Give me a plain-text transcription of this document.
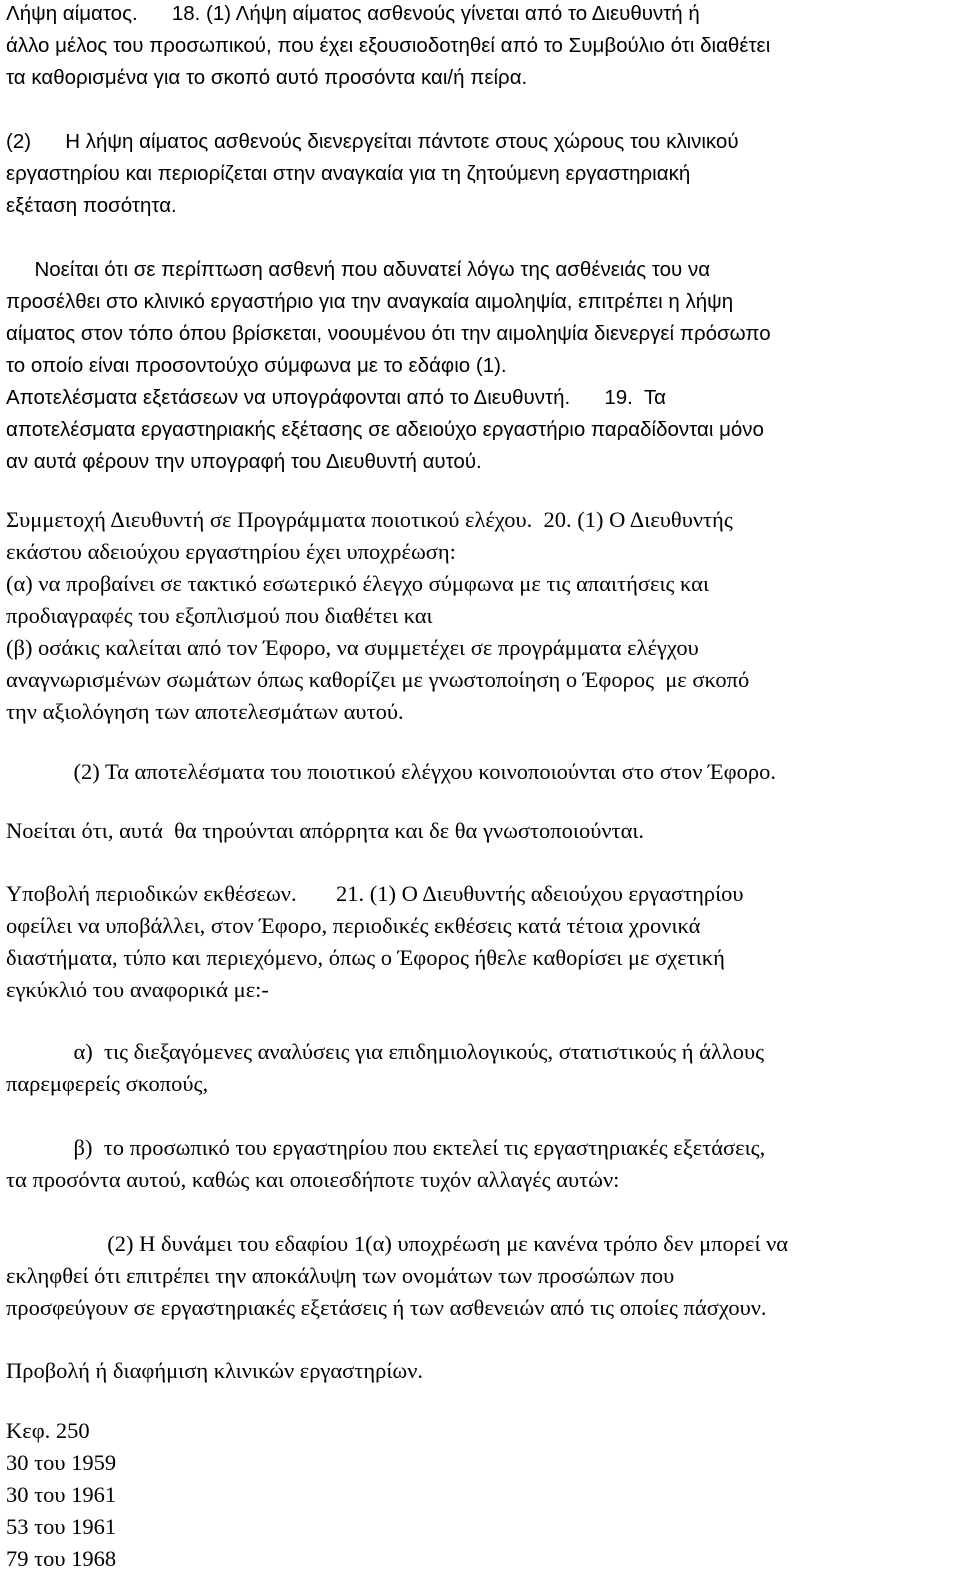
Λήψη αίματος.      18. (1) Λήψη αίματος ασθενούς γίνεται από το Διευθυντή ή
άλλο μέλος του προσωπικού, που έχει εξουσιοδοτηθεί από το Συμβούλιο ότι διαθέτει
τα καθορισμένα για το σκοπό αυτό προσόντα και/ή πείρα.
(2)      Η λήψη αίματος ασθενούς διενεργείται πάντοτε στους χώρους του κλινικού
εργαστηρίου και περιορίζεται στην αναγκαία για τη ζητούμενη εργαστηριακή
εξέταση ποσότητα.
Νοείται ότι σε περίπτωση ασθενή που αδυνατεί λόγω της ασθένειάς του να
προσέλθει στο κλινικό εργαστήριο για την αναγκαία αιμοληψία, επιτρέπει η λήψη
αίματος στον τόπο όπου βρίσκεται, νοουμένου ότι την αιμοληψία διενεργεί πρόσωπο
το οποίο είναι προσοντούχο σύμφωνα με το εδάφιο (1).
Αποτελέσματα εξετάσεων να υπογράφονται από το Διευθυντή.      19.  Τα
αποτελέσματα εργαστηριακής εξέτασης σε αδειούχο εργαστήριο παραδίδονται μόνο
αν αυτά φέρουν την υπογραφή του Διευθυντή αυτού.
Συμμετοχή Διευθυντή σε Προγράμματα ποιοτικού ελέχου.  20. (1) Ο Διευθυντής
εκάστου αδειούχου εργαστηρίου έχει υποχρέωση:
(α) να προβαίνει σε τακτικό εσωτερικό έλεγχο σύμφωνα με τις απαιτήσεις και
προδιαγραφές του εξοπλισμού που διαθέτει και
(β) οσάκις καλείται από τον Έφορο, να συμμετέχει σε προγράμματα ελέγχου
αναγνωρισμένων σωμάτων όπως καθορίζει με γνωστοποίηση ο Έφορος  με σκοπό
την αξιολόγηση των αποτελεσμάτων αυτού.
(2) Τα αποτελέσματα του ποιοτικού ελέγχου κοινοποιούνται στο στον Έφορο.
Νοείται ότι, αυτά  θα τηρούνται απόρρητα και δε θα γνωστοποιούνται.
Υποβολή περιοδικών εκθέσεων.       21. (1) Ο Διευθυντής αδειούχου εργαστηρίου
οφείλει να υποβάλλει, στον Έφορο, περιοδικές εκθέσεις κατά τέτοια χρονικά
διαστήματα, τύπο και περιεχόμενο, όπως ο Έφορος ήθελε καθορίσει με σχετική
εγκύκλιό του αναφορικά με:-
α)  τις διεξαγόμενες αναλύσεις για επιδημιολογικούς, στατιστικούς ή άλλους
παρεμφερείς σκοπούς,
β)  το προσωπικό του εργαστηρίου που εκτελεί τις εργαστηριακές εξετάσεις,
τα προσόντα αυτού, καθώς και οποιεσδήποτε τυχόν αλλαγές αυτών:
(2) Η δυνάμει του εδαφίου 1(α) υποχρέωση με κανένα τρόπο δεν μπορεί να
εκληφθεί ότι επιτρέπει την αποκάλυψη των ονομάτων των προσώπων που
προσφεύγουν σε εργαστηριακές εξετάσεις ή των ασθενειών από τις οποίες πάσχουν.
Προβολή ή διαφήμιση κλινικών εργαστηρίων.
Κεφ. 250
30 του 1959
30 του 1961
53 του 1961
79 του 1968
